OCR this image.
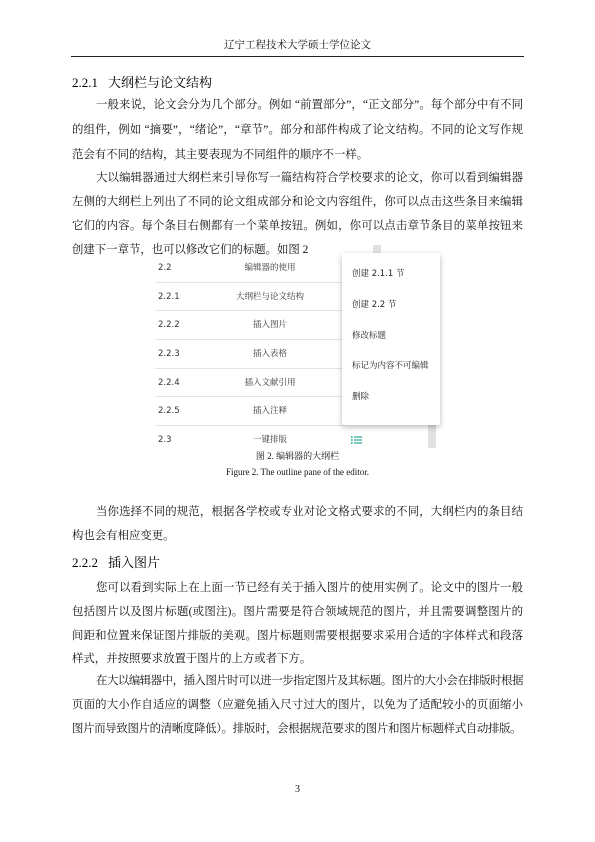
辽宁工程技术大学硕士学位论文
2.2.1 大纲栏与论文结构
一般来说，论文会分为几个部分。例如 “前置部分”，“正文部分”。每个部分中有不同
的组件，例如 “摘要”，“绪论”，“章节”。部分和部件构成了论文结构。不同的论文写作规
范会有不同的结构，其主要表现为不同组件的顺序不一样。
大以编辑器通过大纲栏来引导你写一篇结构符合学校要求的论文，你可以看到编辑器
左侧的大纲栏上列出了不同的论文组成部分和论文内容组件，你可以点击这些条目来编辑
它们的内容。每个条目右侧都有一个菜单按钮。例如，你可以点击章节条目的菜单按钮来
创建下一章节，也可以修改它们的标题。如图 2
2.2	编辑器的使用
2.2.1	大纲栏与论文结构
2.2.2	插入图片
2.2.3	插入表格
2.2.4	插入文献引用
2.2.5	插入注释
2.3	一键排版
创建 2.1.1 节
创建 2.2 节
修改标题
标记为内容不可编辑
删除
图 2. 编辑器的大纲栏
Figure 2. The outline pane of the editor.
当你选择不同的规范，根据各学校或专业对论文格式要求的不同，大纲栏内的条目结
构也会有相应变更。
2.2.2 插入图片
您可以看到实际上在上面一节已经有关于插入图片的使用实例了。论文中的图片一般
包括图片以及图片标题(或图注)。图片需要是符合领域规范的图片，并且需要调整图片的
间距和位置来保证图片排版的美观。图片标题则需要根据要求采用合适的字体样式和段落
样式，并按照要求放置于图片的上方或者下方。
在大以编辑器中，插入图片时可以进一步指定图片及其标题。图片的大小会在排版时根据
页面的大小作自适应的调整（应避免插入尺寸过大的图片，以免为了适配较小的页面缩小
图片而导致图片的清晰度降低）。排版时，会根据规范要求的图片和图片标题样式自动排版。
3
